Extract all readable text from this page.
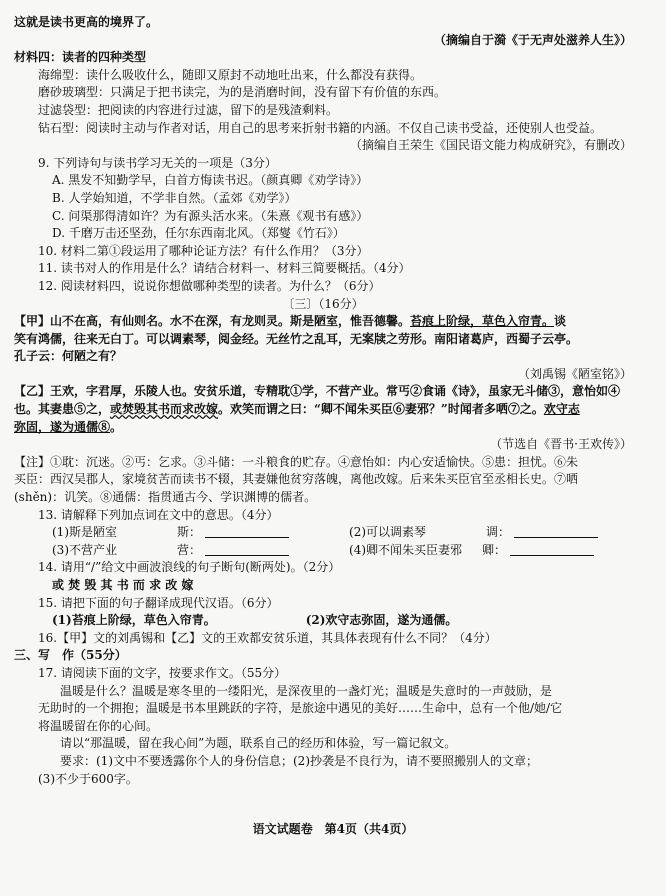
这就是读书更高的境界了。
（摘编自于漪《于无声处滋养人生》）
材料四：读者的四种类型
海绵型：读什么吸收什么，随即又原封不动地吐出来，什么都没有获得。
磨砂玻璃型：只满足于把书读完，为的是消磨时间，没有留下有价值的东西。
过滤袋型：把阅读的内容进行过滤，留下的是残渣剩料。
钻石型：阅读时主动与作者对话，用自己的思考来折射书籍的内涵。不仅自己读书受益，还使别人也受益。
（摘编自王荣生《国民语文能力构成研究》，有删改）
9. 下列诗句与读书学习无关的一项是（3分）
A. 黑发不知勤学早，白首方悔读书迟。（颜真卿《劝学诗》）
B. 人学始知道，不学非自然。（孟郊《劝学》）
C. 问渠那得清如许？为有源头活水来。（朱熹《观书有感》）
D. 千磨万击还坚劲，任尔东西南北风。（郑燮《竹石》）
10. 材料二第①段运用了哪种论证方法？有什么作用？（3分）
11. 读书对人的作用是什么？请结合材料一、材料三简要概括。（4分）
12. 阅读材料四，说说你想做哪种类型的读者。为什么？（6分）
〔三〕（16分）
【甲】山不在高，有仙则名。水不在深，有龙则灵。斯是陋室，惟吾德馨。苔痕上阶绿，草色入帘青。谈
笑有鸿儒，往来无白丁。可以调素琴，阅金经。无丝竹之乱耳，无案牍之劳形。南阳诸葛庐，西蜀子云亭。
孔子云：何陋之有？
（刘禹锡《陋室铭》）
【乙】王欢，字君厚，乐陵人也。安贫乐道，专精耽①学，不营产业。常丐②食诵《诗》，虽家无斗储③，意怡如④
也。其妻患⑤之，或焚毁其书而求改嫁。欢笑而谓之曰：“卿不闻朱买臣⑥妻邪？”时闻者多哂⑦之。欢守志
弥固，遂为通儒⑧。
（节选自《晋书·王欢传》）
【注】①耽：沉迷。②丐：乞求。③斗储：一斗粮食的贮存。④意怡如：内心安适愉快。⑤患：担忧。⑥朱
买臣：西汉吴郡人，家境贫苦而读书不辍，其妻嫌他贫穷落魄，离他改嫁。后来朱买臣官至丞相长史。⑦哂
(shěn)：讥笑。⑧通儒：指贯通古今、学识渊博的儒者。
13. 请解释下列加点词在文中的意思。（4分）
(1)斯是陋室	斯：	(2)可以调素琴	调：
(3)不营产业	营：	(4)卿不闻朱买臣妻邪 卿：
14. 请用“/”给文中画波浪线的句子断句(断两处)。（2分）
或 焚 毁 其 书 而 求 改 嫁
15. 请把下面的句子翻译成现代汉语。（6分）
(1)苔痕上阶绿，草色入帘青。	(2)欢守志弥固，遂为通儒。
16.【甲】文的刘禹锡和【乙】文的王欢都安贫乐道，其具体表现有什么不同？（4分）
三、写　作（55分）
17. 请阅读下面的文字，按要求作文。（55分）
温暖是什么？温暖是寒冬里的一缕阳光，是深夜里的一盏灯光；温暖是失意时的一声鼓励，是
无助时的一个拥抱；温暖是书本里跳跃的字符，是旅途中遇见的美好……生命中，总有一个他/她/它
将温暖留在你的心间。
请以“那温暖，留在我心间”为题，联系自己的经历和体验，写一篇记叙文。
要求：(1)文中不要透露你个人的身份信息；(2)抄袭是不良行为，请不要照搬别人的文章；
(3)不少于600字。
语文试题卷　第4页（共4页）
